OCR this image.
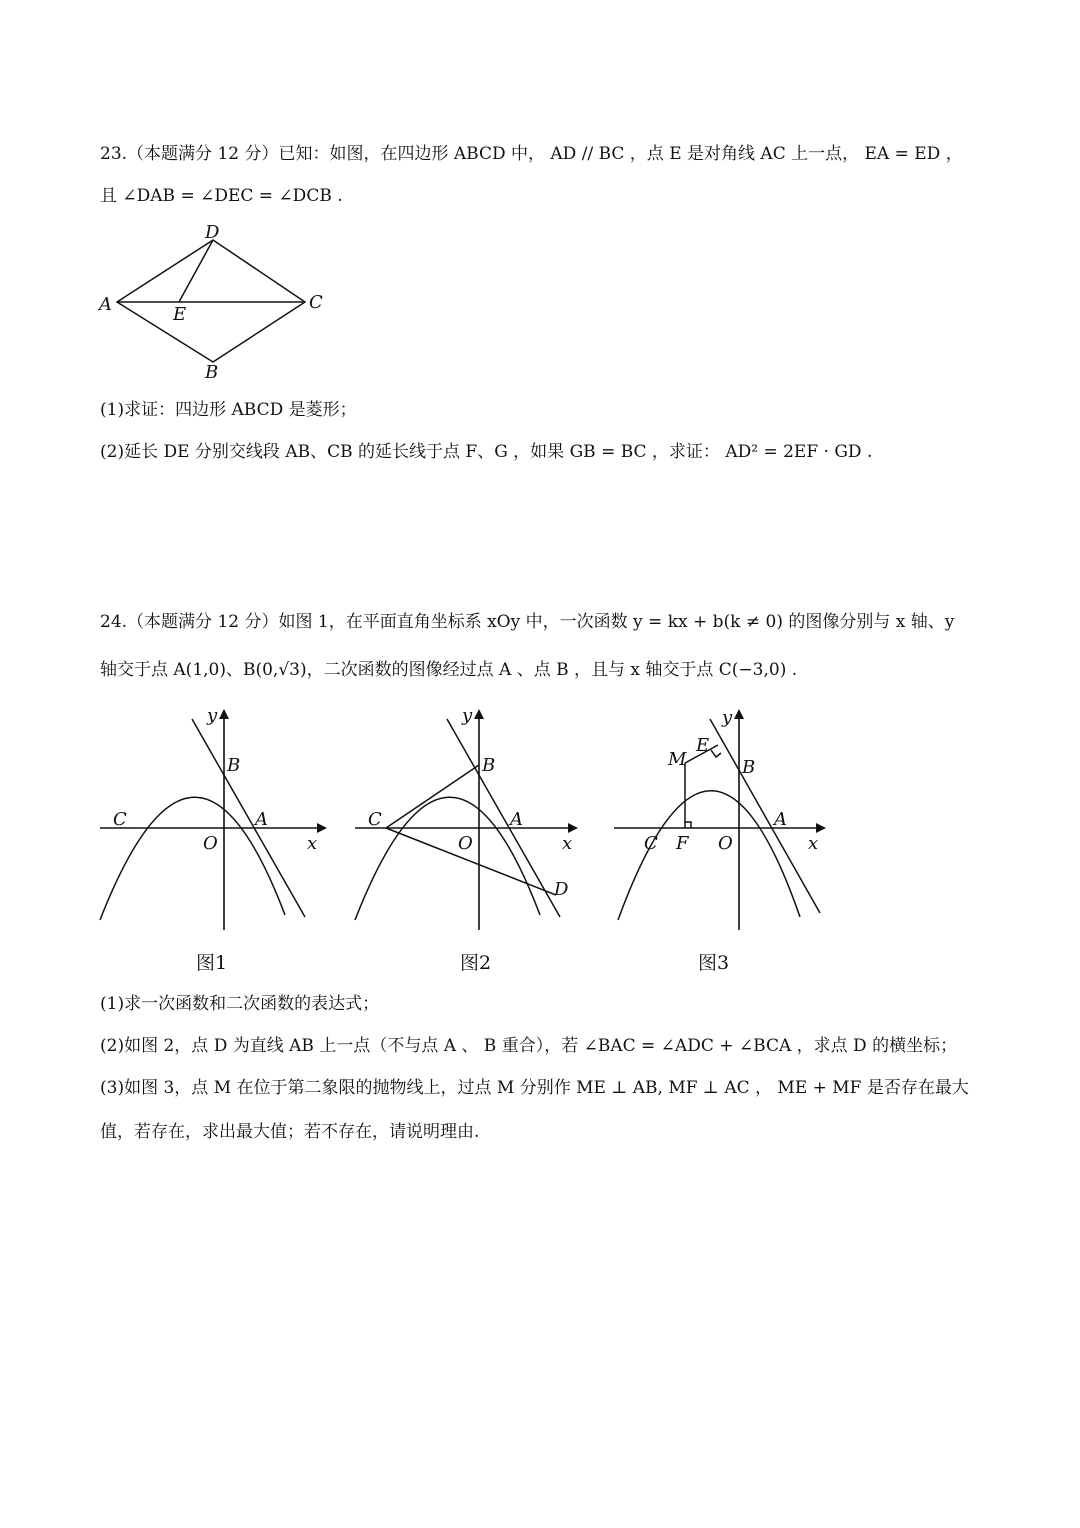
23.（本题满分 12 分）已知：如图，在四边形 ABCD 中， AD // BC ，点 E 是对角线 AC 上一点， EA = ED ，
且 ∠DAB = ∠DEC = ∠DCB .
D
A	E
C
B
(1)求证：四边形 ABCD 是菱形；
(2)延长 DE 分别交线段 AB、CB 的延长线于点 F、G ，如果 GB = BC ，求证： AD² = 2EF · GD .
24.（本题满分 12 分）如图 1，在平面直角坐标系 xOy 中，一次函数 y = kx + b(k ≠ 0) 的图像分别与 x 轴、y
轴交于点 A(1,0)、B(0,√3)，二次函数的图像经过点 A 、点 B ，且与 x 轴交于点 C(−3,0) .
y
B
C	A
O	x
图1
y
B
C	A
O	x
D
图2
y
E
M	B
A
C F O	x
图3
(1)求一次函数和二次函数的表达式；
(2)如图 2，点 D 为直线 AB 上一点（不与点 A 、 B 重合），若 ∠BAC = ∠ADC + ∠BCA ，求点 D 的横坐标；
(3)如图 3，点 M 在位于第二象限的抛物线上，过点 M 分别作 ME ⊥ AB, MF ⊥ AC ， ME + MF 是否存在最大
值，若存在，求出最大值；若不存在，请说明理由.
